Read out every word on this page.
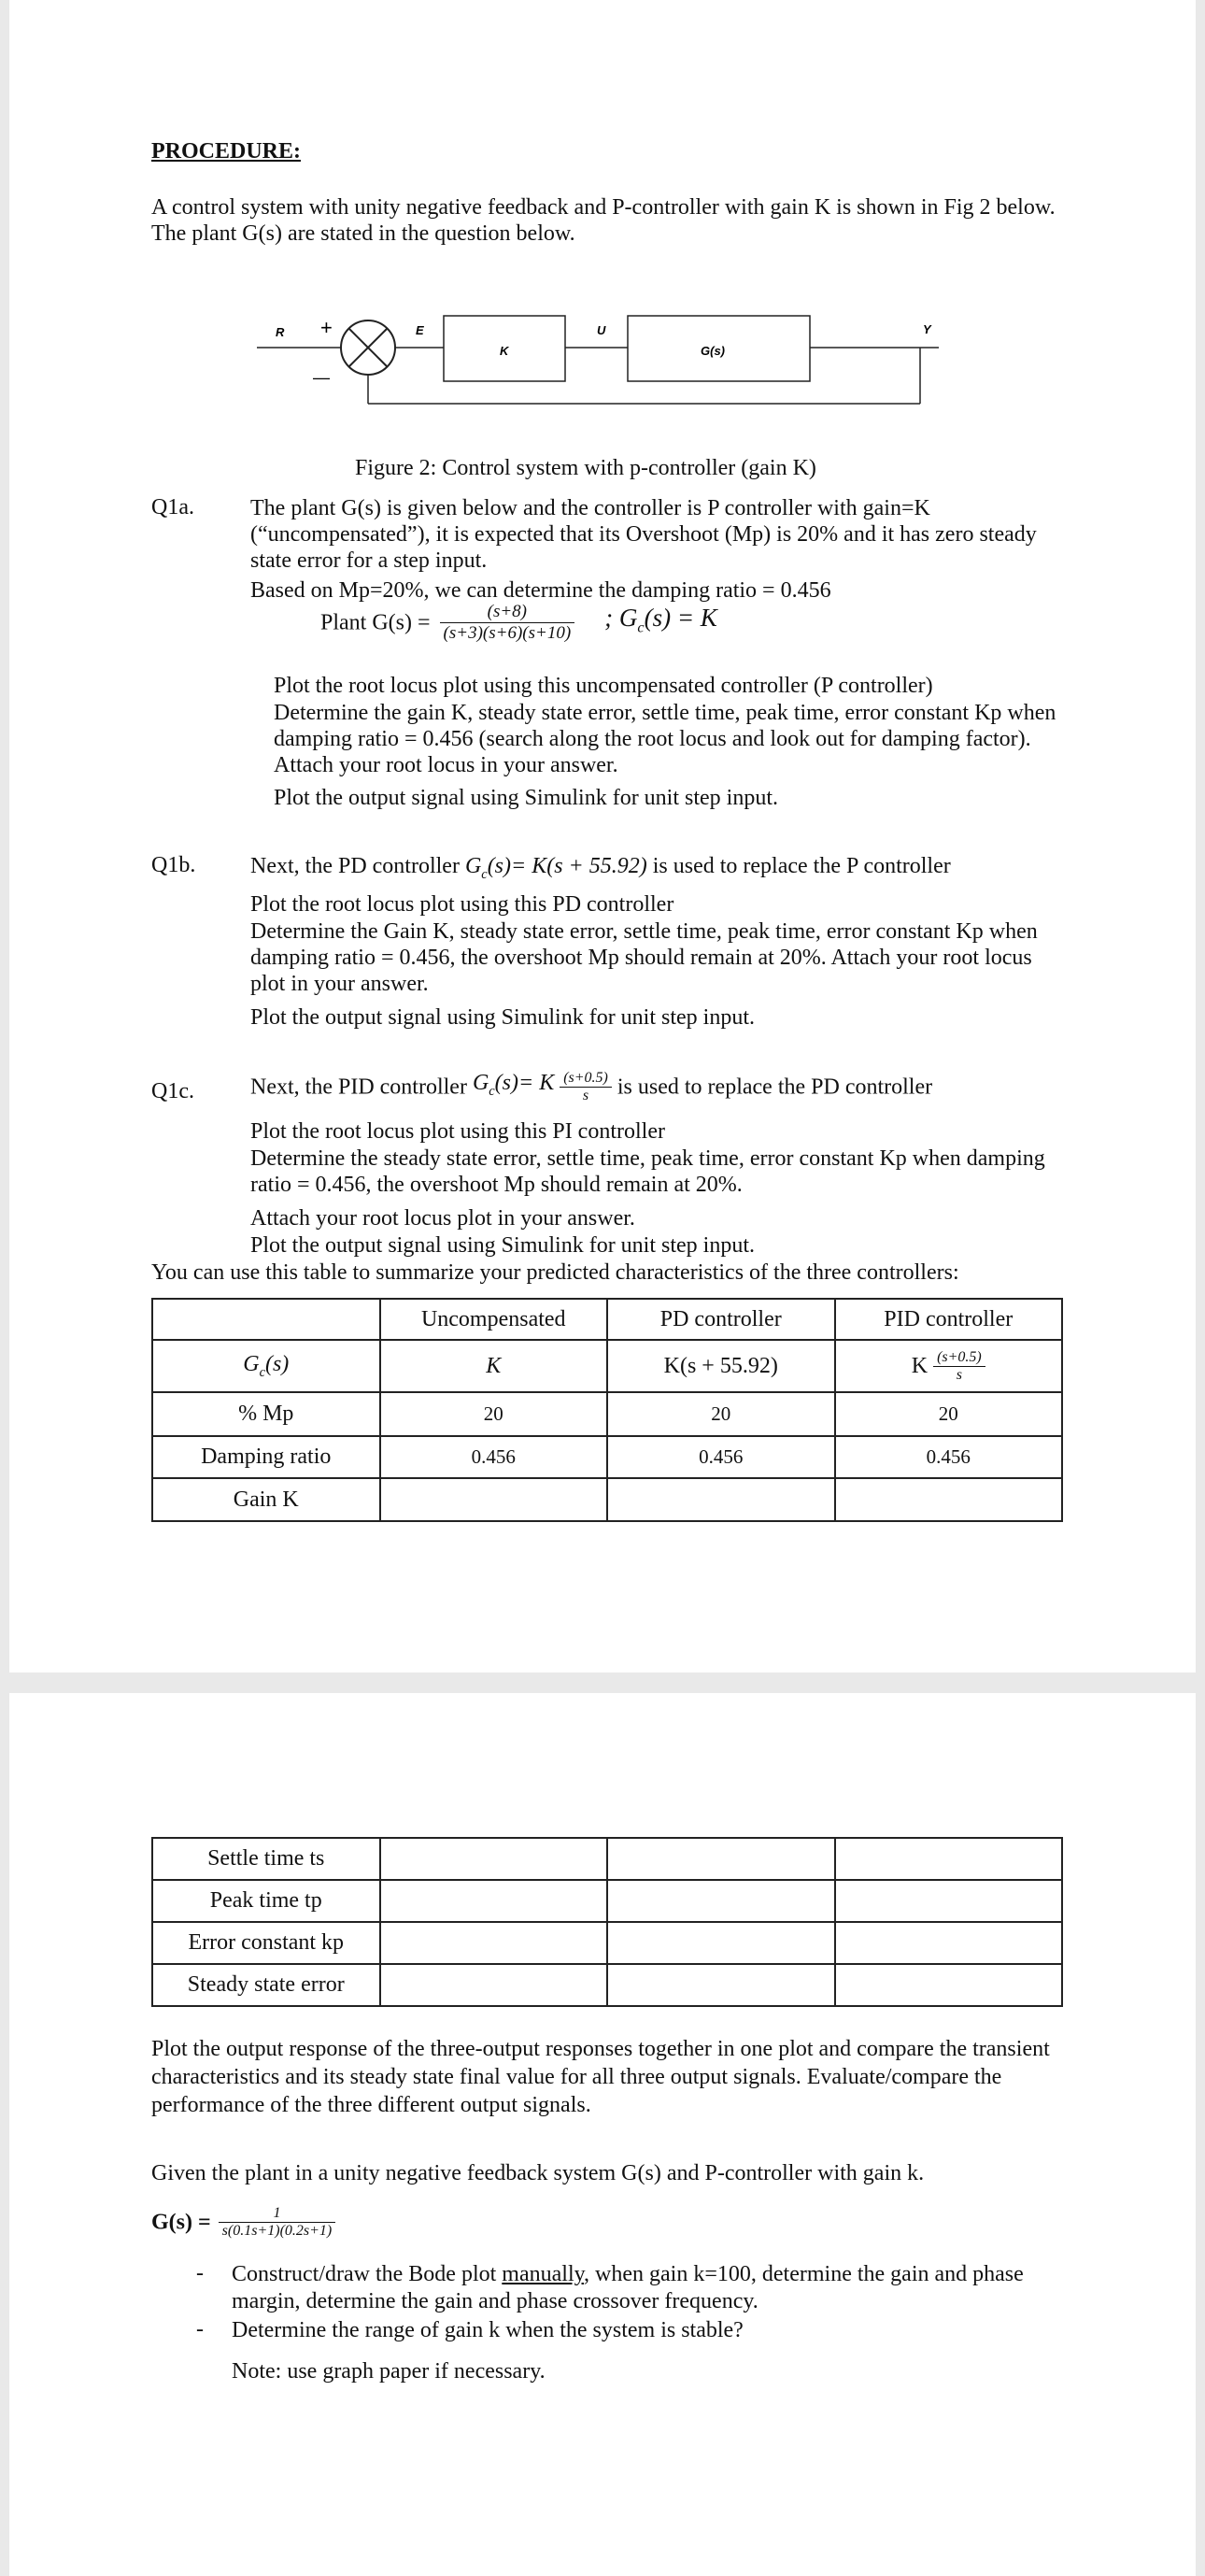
PROCEDURE:
A control system with unity negative feedback and P-controller with gain K is shown in Fig 2 below. The plant G(s) are stated in the question below.
R +
—
E
K
U
G(s)
Y
Figure 2: Control system with p-controller (gain K)
Q1a.	The plant G(s) is given below and the controller is P controller with gain=K (“uncompensated”), it is expected that its Overshoot (Mp) is 20% and it has zero steady state error for a step input.
Based on Mp=20%, we can determine the damping ratio = 0.456
Plant $G(s) = \frac{(s+8)}{(s+3)(s+6)(s+10)}$ ; $G_c(s) = K$
Plot the root locus plot using this uncompensated controller (P controller)
Determine the gain K, steady state error, settle time, peak time, error constant Kp when damping ratio = 0.456 (search along the root locus and look out for damping factor). Attach your root locus in your answer.
Plot the output signal using Simulink for unit step input.
Q1b. Next, the PD controller $G_c(s)= K(s + 55.92)$ is used to replace the P controller
Plot the root locus plot using this PD controller
Determine the Gain K, steady state error, settle time, peak time, error constant Kp when damping ratio = 0.456, the overshoot Mp should remain at 20%. Attach your root locus plot in your answer.
Plot the output signal using Simulink for unit step input.
Q1c.	Next, the PID controller $G_c(s)= K \frac{(s+0.5)}{s}$ is used to replace the PD controller
Plot the root locus plot using this PI controller
Determine the steady state error, settle time, peak time, error constant Kp when damping ratio = 0.456, the overshoot Mp should remain at 20%.
Attach your root locus plot in your answer.
Plot the output signal using Simulink for unit step input.
You can use this table to summarize your predicted characteristics of the three controllers:
	Uncompensated	PD controller	PID controller
$G_c(s)$	K	K(s + 55.92)	K $\frac{(s+0.5)}{s}$

% Mp	20	20	20
Damping ratio	0.456	0.456	0.456
Gain K			
Settle time ts			
Peak time tp			
Error constant kp			
Steady state error			
Plot the output response of the three-output responses together in one plot and compare the transient characteristics and its steady state final value for all three output signals. Evaluate/compare the performance of the three different output signals.
Given the plant in a unity negative feedback system G(s) and P-controller with gain k.
$G(s) = \frac{1}{s(0.1s+1)(0.2s+1)}$
- Construct/draw the Bode plot manually, when gain k=100, determine the gain and phase margin, determine the gain and phase crossover frequency.
- Determine the range of gain k when the system is stable?
Note: use graph paper if necessary.
